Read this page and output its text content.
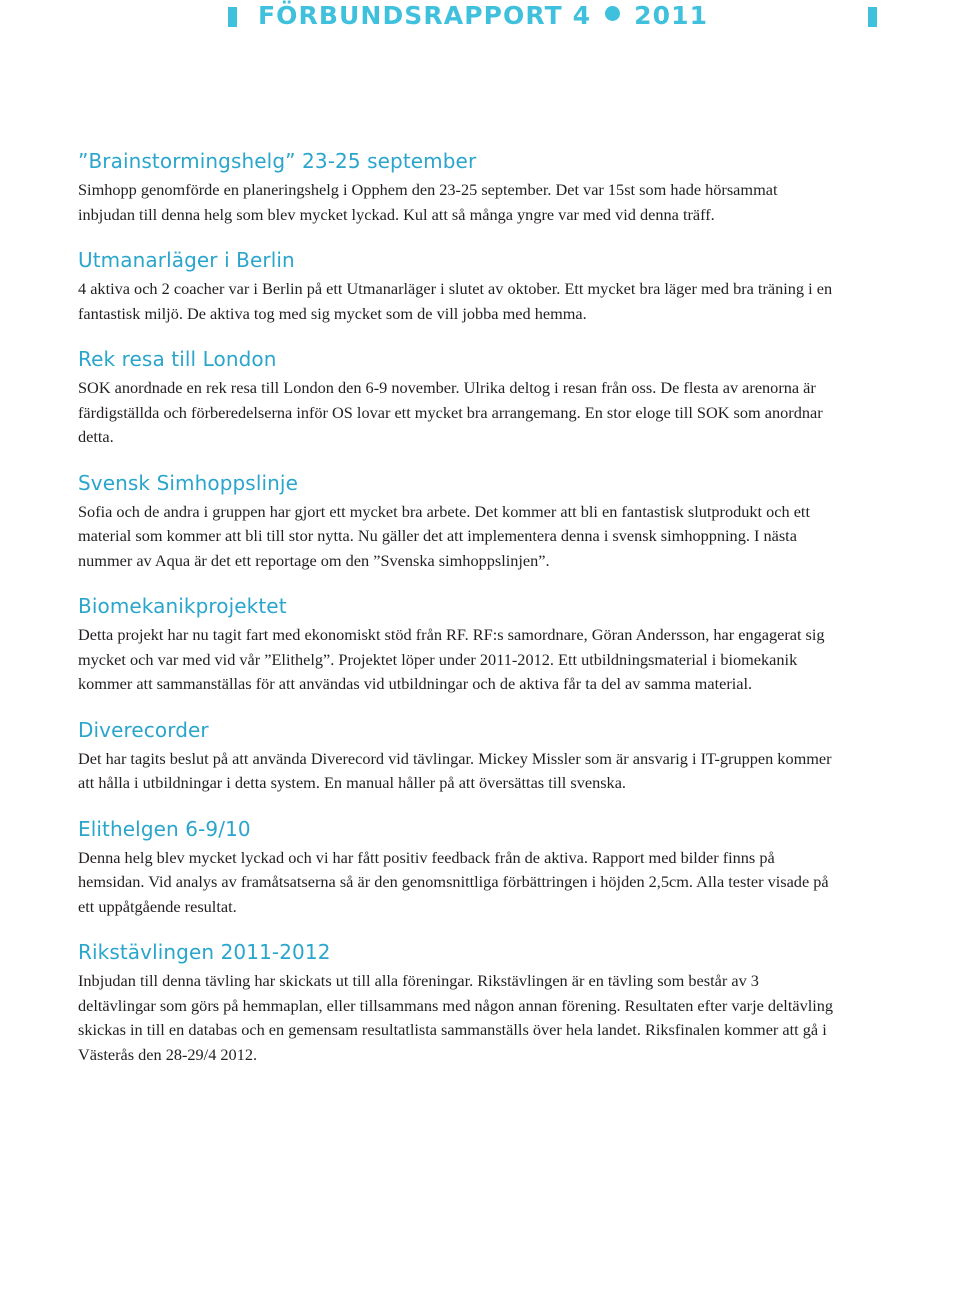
FÖRBUNDSRAPPORT 4 2011
”Brainstormingshelg” 23-25 september

Simhopp genomförde en planeringshelg i Opphem den 23-25 september. Det var 15st som hade hörsammat inbjudan till denna helg som blev mycket lyckad. Kul att så många yngre var med vid denna träff.

Utmanarläger i Berlin

4 aktiva och 2 coacher var i Berlin på ett Utmanarläger i slutet av oktober. Ett mycket bra läger med bra träning i en fantastisk miljö. De aktiva tog med sig mycket som de vill jobba med hemma.

Rek resa till London

SOK anordnade en rek resa till London den 6-9 november. Ulrika deltog i resan från oss. De flesta av arenorna är färdigställda och förberedelserna inför OS lovar ett mycket bra arrangemang. En stor eloge till SOK som anordnar detta.

Svensk Simhoppslinje

Sofia och de andra i gruppen har gjort ett mycket bra arbete. Det kommer att bli en fantastisk slutprodukt och ett material som kommer att bli till stor nytta. Nu gäller det att implementera denna i svensk simhoppning. I nästa nummer av Aqua är det ett reportage om den ”Svenska simhoppslinjen”.

Biomekanikprojektet

Detta projekt har nu tagit fart med ekonomiskt stöd från RF. RF:s samordnare, Göran Andersson, har engagerat sig mycket och var med vid vår ”Elithelg”. Projektet löper under 2011-2012. Ett utbildningsmaterial i biomekanik kommer att sammanställas för att användas vid utbildningar och de aktiva får ta del av samma material.

Diverecorder

Det har tagits beslut på att använda Diverecord vid tävlingar. Mickey Missler som är ansvarig i IT-gruppen kommer att hålla i utbildningar i detta system. En manual håller på att översättas till svenska.

Elithelgen 6-9/10

Denna helg blev mycket lyckad och vi har fått positiv feedback från de aktiva. Rapport med bilder finns på hemsidan. Vid analys av framåtsatserna så är den genomsnittliga förbättringen i höjden 2,5cm. Alla tester visade på ett uppåtgående resultat.

Rikstävlingen 2011-2012

Inbjudan till denna tävling har skickats ut till alla föreningar. Rikstävlingen är en tävling som består av 3 deltävlingar som görs på hemmaplan, eller tillsammans med någon annan förening. Resultaten efter varje deltävling skickas in till en databas och en gemensam resultatlista sammanställs över hela landet. Riksfinalen kommer att gå i Västerås den 28-29/4 2012.
